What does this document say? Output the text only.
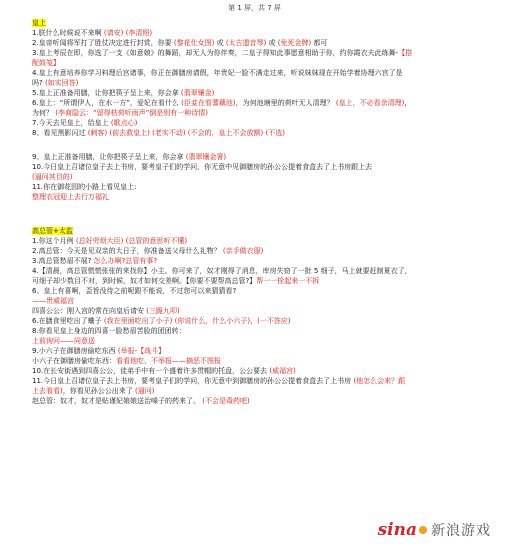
第 1 屏，共 7 屏
皇上
1.朕什么时候说不来啊 (请安) (李清照)
2.皇帝听闻将军打了胜仗决定进行封赏，你要 (黎花仕女图) 或 (太古遗音琴) 或 (免死金牌) 都可
3.皇上考辰在即，你选了一支《如意娘》的舞蹈，却无人为你伴奏，二皇子得知此事愿意相助于你，约你霞衣夫此练舞-【搭
配鼓笺】
4.皇上有意培养你学习料理后宫诸事，你正在御膳房请假，年贵妃一脸不满走过来，听说妹妹现在开始学着协理六宫了是
吗? (如实回答)
5.皇上正准备用膳，让你把筷子呈上来，你会拿 (翡翠镶金)
6.皇上：“所谓伊人，在水一方”，爱妃在看什么 (臣妾在看蓍藕池)，为何池塘里的荷叶无人清理？ (皇上，不必看余清理)，
为何？ (李商隐云：“留得枯荷听雨声”倒是别有一种诗情)
7.今天去见皇上，给皇上 (歌点心)
8、看见黑影闪过 (刺客) (前去救皇上) (老实不动) (不会的，皇上不会放额) (不选)
9、皇上正准备用膳，让你把筷子呈上来，你会拿 (翡翠镶金箸)
10.今日皇上召诸位皇子去上书房，要考皇子们的学问，你无意中见御膳房的孙公公提着食盒去了上书房跟上去
(逼问其目的)
11.你在御花园的小路上看见皇上:
整理衣冠迎上去行万福礼
高总管+太监
1.你这个月例 (总好劳烦大臣) (总管的意思听不懂)
2.高总管：今天是见双亲的大日子，你准备送父母什么礼物？ (亲手做衣服)
3.高总管愁眉不展? 怎么办啊?总管有事?
4.【清晨，高总管慌慌张张的来找你】小主。你可来了，奴才刚得了消息，库房失窃了一批 5 细子，马上就要赶制夏衣了，
可细子却少数目不对，到时候，奴才如何交差啊。【你要不要帮高总管?】帮一一拴起来一不拆
6、皇上有喜啊，歪旨没待之前呢跟不能说，不过您可以来猜猜看?
——贵威福宫
四喜公公：刚入宫的常在向皇后请安 (三跪九叩)
6.在膳食里吃出了蛐子 (我在里面吃出了小子) (你说什么，什么小六子)，(一不答应)
8.你看见皇上身边的四喜一脸愁眉苦脸的团团转：
上前询问——同意送
9.小六子在御膳房偷吃东西 (举报-【战斗】
小六子在御膳房偷吃东西：看看他吃，不举报——摘恶不图报
10.在长安街遇到四喜公公，徒弟手中有一个盛着许多贯帽的托盘，公公要去 (威福宫)
11.今日皇上召诸位皇子去上书房，要考皇子们的学问，你无意中到御膳房的孙公公提着食盒去了上书房 (他怎么会来？跟
上去看看)，你看见孙公公出来了 (逼问)
赵总管：奴才，奴才是贴谨妃娘娘送治嗓子的药来了。 (不会是毒药吧)
sina 新浪游戏
